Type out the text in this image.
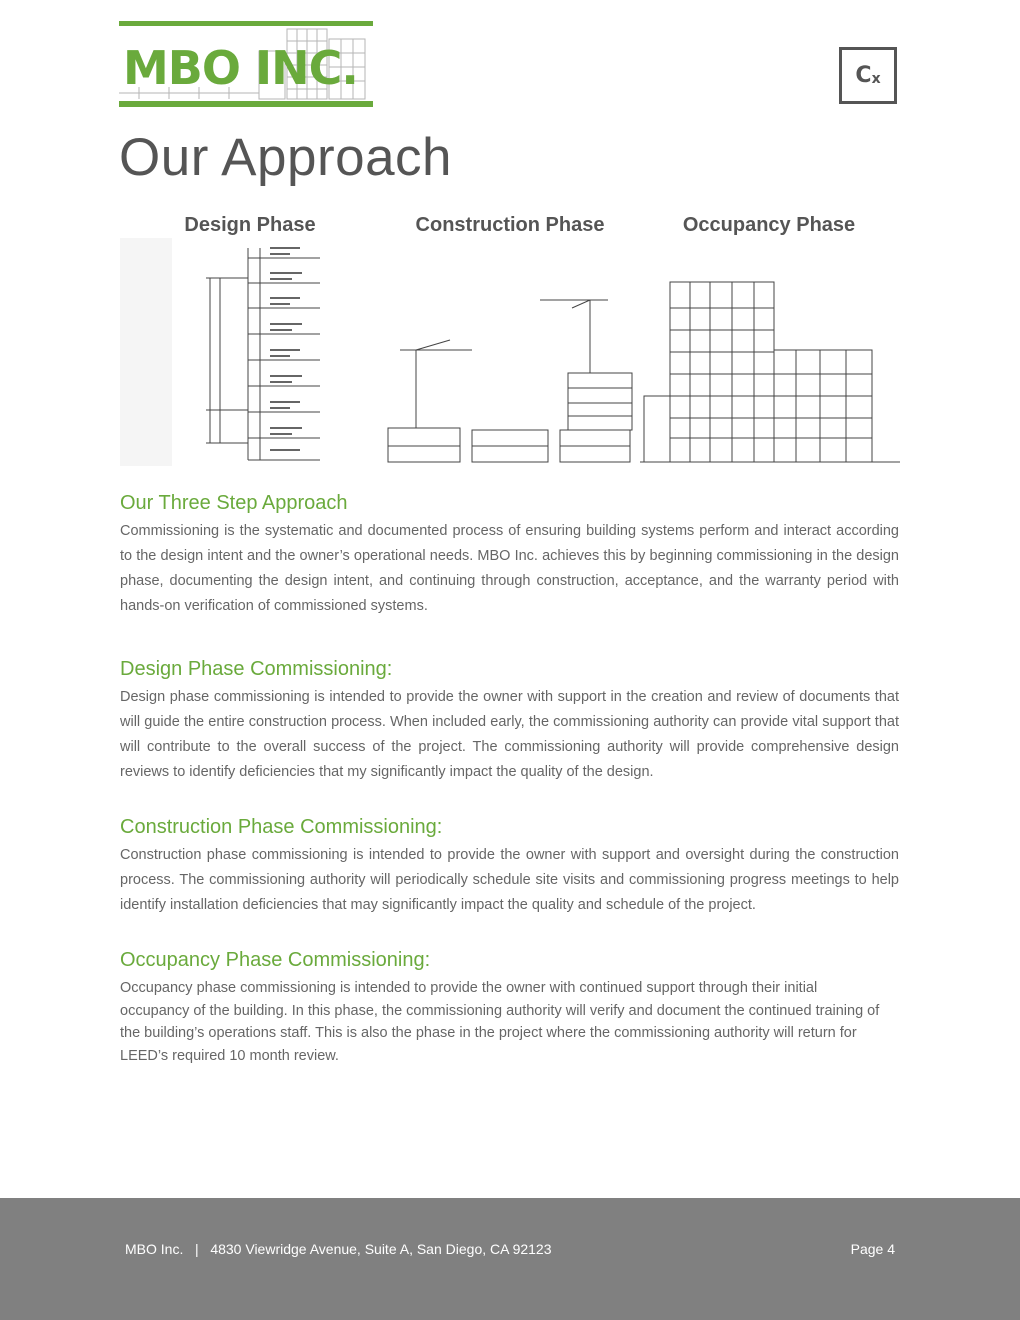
MBO INC.	C x
Our Approach
Design Phase	Construction Phase	Occupancy Phase
Our Three Step Approach

Commissioning is the systematic and documented process of ensuring building systems perform and interact according to the design intent and the owner’s operational needs. MBO Inc. achieves this by beginning commissioning in the design phase, documenting the design intent, and continuing through construction, acceptance, and the warranty period with hands-on verification of commissioned systems.

Design Phase Commissioning:

Design phase commissioning is intended to provide the owner with support in the creation and review of documents that will guide the entire construction process. When included early, the commissioning authority can provide vital support that will contribute to the overall success of the project. The commissioning authority will provide comprehensive design reviews to identify deficiencies that my significantly impact the quality of the design.

Construction Phase Commissioning:

Construction phase commissioning is intended to provide the owner with support and oversight during the construction process. The commissioning authority will periodically schedule site visits and commissioning progress meetings to help identify installation deficiencies that may significantly impact the quality and schedule of the project.

Occupancy Phase Commissioning:

Occupancy phase commissioning is intended to provide the owner with continued support through their initial occupancy of the building. In this phase, the commissioning authority will verify and document the continued training of the building’s operations staff. This is also the phase in the project where the commissioning authority will return for LEED’s required 10 month review.

MBO Inc.   |   4830 Viewridge Avenue, Suite A, San Diego, CA 92123	Page 4
